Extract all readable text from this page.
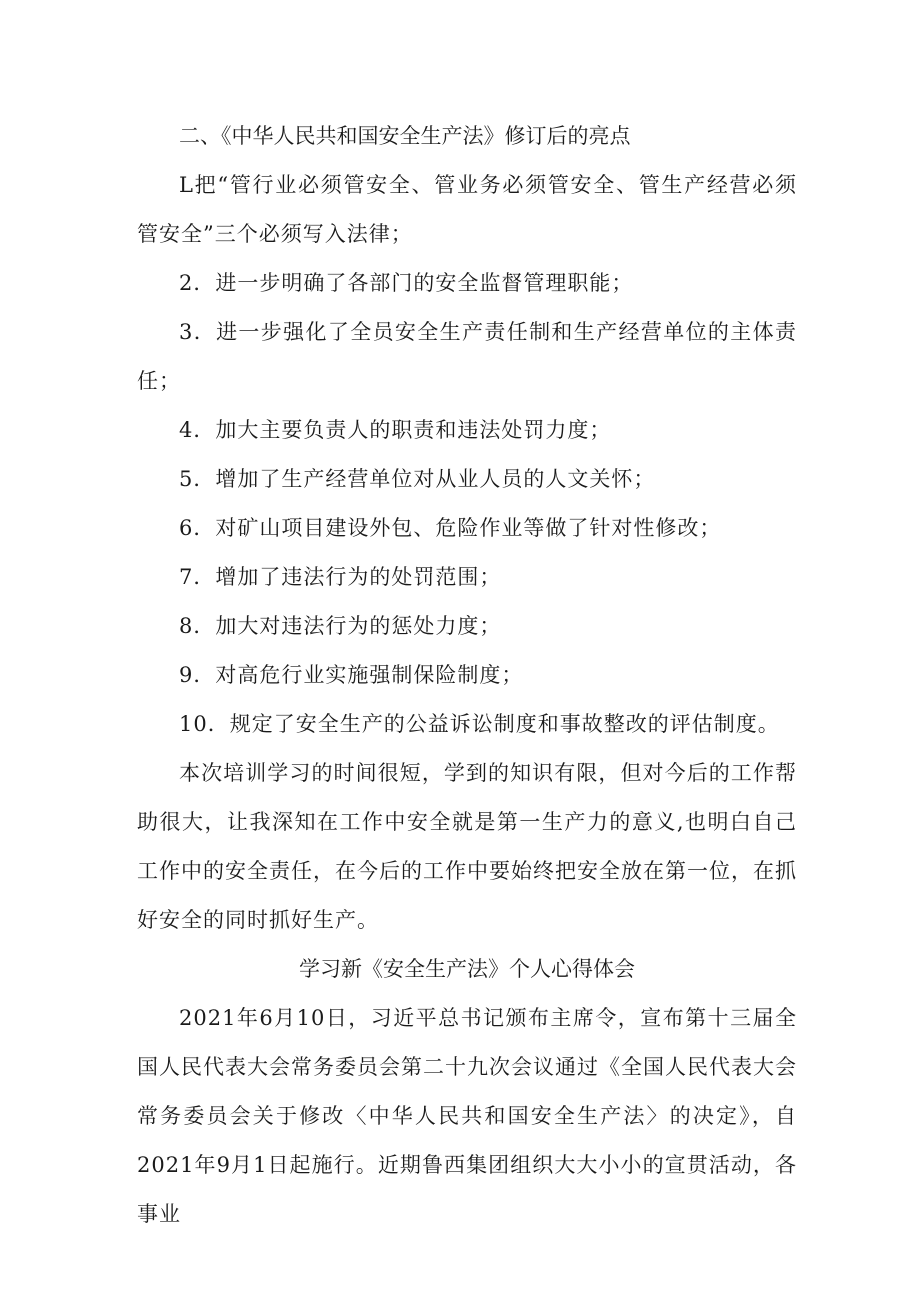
二、《中华人民共和国安全生产法》修订后的亮点

L把“管行业必须管安全、管业务必须管安全、管生产经营必须管安全”三个必须写入法律；

2．进一步明确了各部门的安全监督管理职能；

3．进一步强化了全员安全生产责任制和生产经营单位的主体责任；

4．加大主要负责人的职责和违法处罚力度；

5．增加了生产经营单位对从业人员的人文关怀；

6．对矿山项目建设外包、危险作业等做了针对性修改；

7．增加了违法行为的处罚范围；

8．加大对违法行为的惩处力度；

9．对高危行业实施强制保险制度；

10．规定了安全生产的公益诉讼制度和事故整改的评估制度。

本次培训学习的时间很短，学到的知识有限，但对今后的工作帮助很大，让我深知在工作中安全就是第一生产力的意义,也明白自己工作中的安全责任，在今后的工作中要始终把安全放在第一位，在抓好安全的同时抓好生产。

学习新《安全生产法》个人心得体会

2021年6月10日，习近平总书记颁布主席令，宣布第十三届全国人民代表大会常务委员会第二十九次会议通过《全国人民代表大会常务委员会关于修改〈中华人民共和国安全生产法〉的决定》，自2021年9月1日起施行。近期鲁西集团组织大大小小的宣贯活动，各事业
